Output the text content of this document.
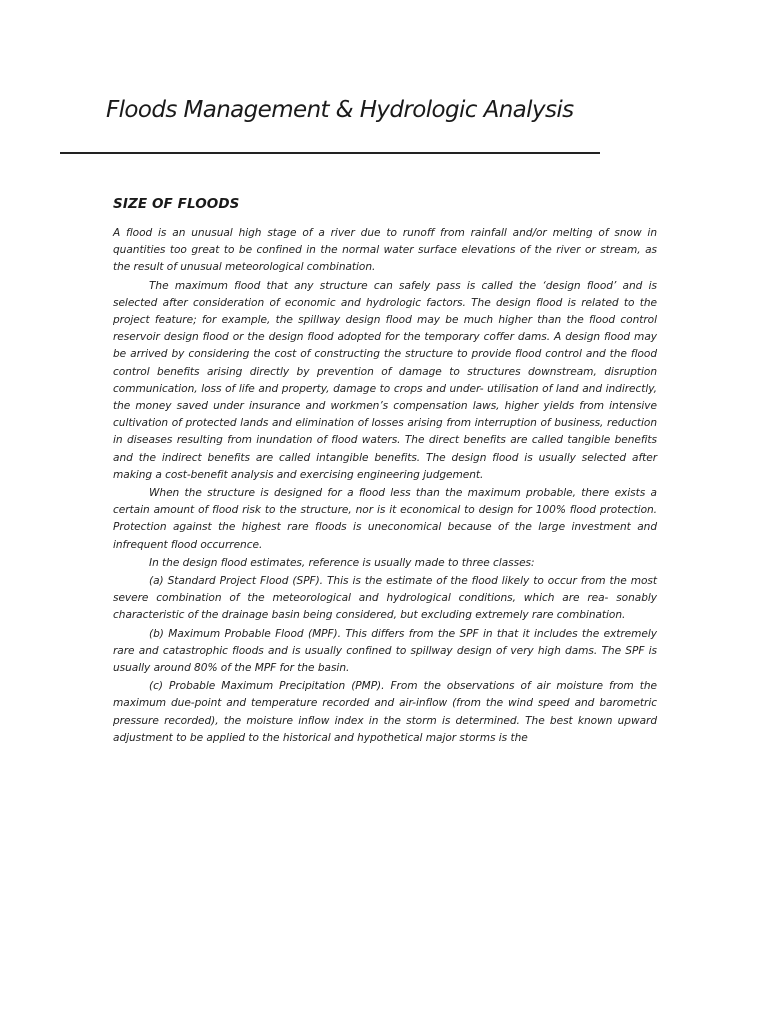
Floods Management & Hydrologic Analysis
SIZE OF FLOODS

A flood is an unusual high stage of a river due to runoff from rainfall and/or melting of snow in quantities too great to be confined in the normal water surface elevations of the river or stream, as the result of unusual meteorological combination.

The maximum flood that any structure can safely pass is called the ‘design flood’ and is selected after consideration of economic and hydrologic factors. The design flood is related to the project feature; for example, the spillway design flood may be much higher than the flood control reservoir design flood or the design flood adopted for the temporary coffer dams. A design flood may be arrived by considering the cost of constructing the structure to provide flood control and the flood control benefits arising directly by prevention of damage to structures downstream, disruption communication, loss of life and property, damage to crops and under- utilisation of land and indirectly, the money saved under insurance and workmen’s compensation laws, higher yields from intensive cultivation of protected lands and elimination of losses arising from interruption of business, reduction in diseases resulting from inundation of flood waters. The direct benefits are called tangible benefits and the indirect benefits are called intangible benefits. The design flood is usually selected after making a cost-benefit analysis and exercising engineering judgement.

When the structure is designed for a flood less than the maximum probable, there exists a certain amount of flood risk to the structure, nor is it economical to design for 100% flood protection. Protection against the highest rare floods is uneconomical because of the large investment and infrequent flood occurrence.

In the design flood estimates, reference is usually made to three classes:

(a) Standard Project Flood (SPF). This is the estimate of the flood likely to occur from the most severe combination of the meteorological and hydrological conditions, which are rea- sonably characteristic of the drainage basin being considered, but excluding extremely rare combination.

(b) Maximum Probable Flood (MPF). This differs from the SPF in that it includes the extremely rare and catastrophic floods and is usually confined to spillway design of very high dams. The SPF is usually around 80% of the MPF for the basin.

(c) Probable Maximum Precipitation (PMP). From the observations of air moisture from the maximum due-point and temperature recorded and air-inflow (from the wind speed and barometric pressure recorded), the moisture inflow index in the storm is determined. The best known upward adjustment to be applied to the historical and hypothetical major storms is the
